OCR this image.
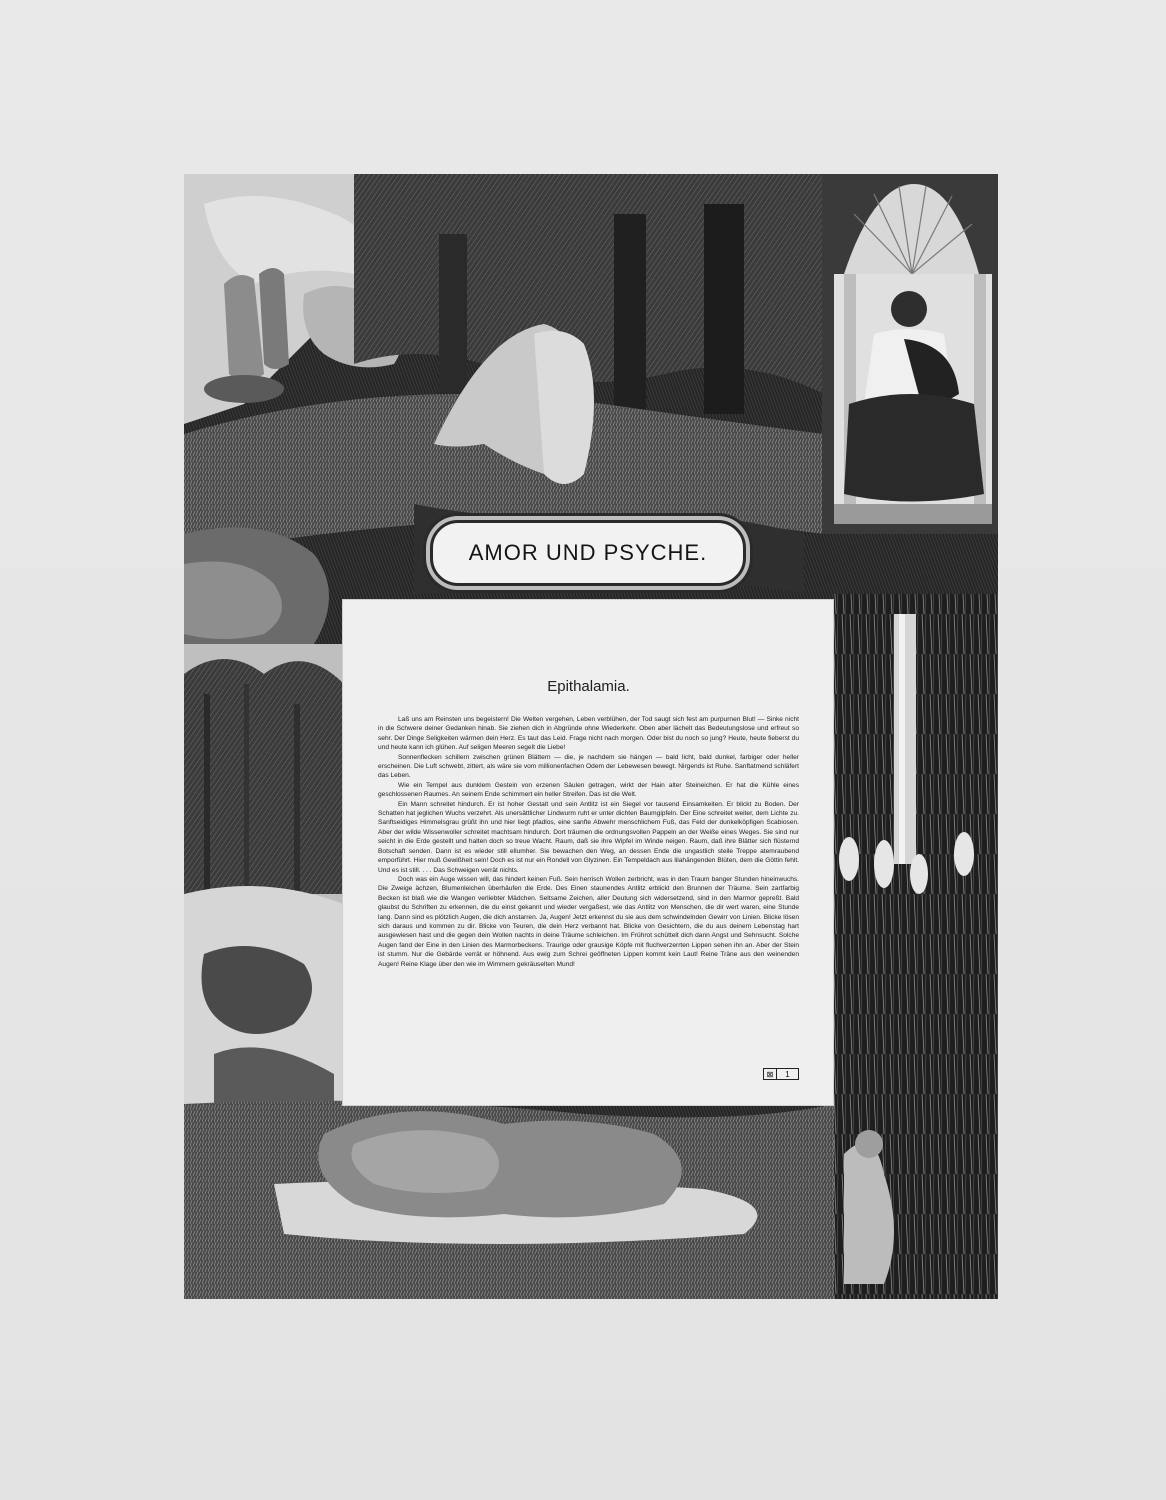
AMOR UND PSYCHE.
Epithalamia.

Laß uns am Reinsten uns begeistern! Die Welten vergehen, Leben verblühen, der Tod saugt sich fest am purpurnen Blut! — Sinke nicht in die Schwere deiner Gedanken hinab. Sie ziehen dich in Abgründe ohne Wiederkehr. Oben aber lächelt das Bedeutungslose und erfreut so sehr. Der Dinge Seligkeiten wärmen dein Herz. Es taut das Leid. Frage nicht nach morgen. Oder bist du noch so jung? Heute, heute fieberst du und heute kann ich glühen. Auf seligen Meeren segelt die Liebe!

Sonnenflecken schillern zwischen grünen Blättern — die, je nachdem sie hängen — bald licht, bald dunkel, farbiger oder heller erscheinen. Die Luft schwebt, zittert, als wäre sie vom millionenfachen Odem der Lebewesen bewegt. Nirgends ist Ruhe. Sanftatmend schläfert das Leben.

Wie ein Tempel aus dunklem Gestein von erzenen Säulen getragen, wirkt der Hain alter Steineichen. Er hat die Kühle eines geschlossenen Raumes. An seinem Ende schimmert ein heller Streifen. Das ist die Welt.

Ein Mann schreitet hindurch. Er ist hoher Gestalt und sein Antlitz ist ein Siegel vor tausend Einsamkeiten. Er blickt zu Boden. Der Schatten hat jeglichen Wuchs verzehrt. Als unersättlicher Lindwurm ruht er unter dichten Baumgipfeln. Der Eine schreitet weiter, dem Lichte zu. Sanftseidiges Himmelsgrau grüßt ihn und hier liegt pfadlos, eine sanfte Abwehr menschlichem Fuß, das Feld der dunkelköpfigen Scabiosen. Aber der wilde Wissenwoller schreitet machtsam hindurch. Dort träumen die ordnungsvollen Pappeln an der Weiße eines Weges. Sie sind nur seicht in die Erde gestellt und halten doch so treue Wacht. Raum, daß sie ihre Wipfel im Winde neigen. Raum, daß ihre Blätter sich flüsternd Botschaft senden. Dann ist es wieder still ellumher. Sie bewachen den Weg, an dessen Ende die ungastlich steile Treppe atemraubend emporführt. Hier muß Gewißheit sein! Doch es ist nur ein Rondell von Glyzinen. Ein Tempeldach aus lilahängenden Blüten, dem die Göttin fehlt. Und es ist still. . . . Das Schweigen verrät nichts.

Doch was ein Auge wissen will, das hindert keinen Fuß. Sein herrisch Wollen zerbricht, was in den Traum banger Stunden hineinwuchs. Die Zweige ächzen, Blumenleichen überhäufen die Erde. Des Einen staunendes Antlitz erblickt den Brunnen der Träume. Sein zartfarbig Becken ist blaß wie die Wangen verliebter Mädchen. Seltsame Zeichen, aller Deutung sich widersetzend, sind in den Marmor gepreßt. Bald glaubst du Schriften zu erkennen, die du einst gekannt und wieder vergaßest, wie das Antlitz von Menschen, die dir wert waren, eine Stunde lang. Dann sind es plötzlich Augen, die dich anstarren. Ja, Augen! Jetzt erkennst du sie aus dem schwindelnden Gewirr von Linien. Blicke lösen sich daraus und kommen zu dir. Blicke von Teuren, die dein Herz verbannt hat. Blicke von Gesichtern, die du aus deinem Lebenstag hart ausgewiesen hast und die gegen dein Wollen nachts in deine Träume schleichen. Im Frührot schüttelt dich dann Angst und Sehnsucht. Solche Augen fand der Eine in den Linien des Marmorbeckens. Traurige oder grausige Köpfe mit fluchverzerrten Lippen sehen ihn an. Aber der Stein ist stumm. Nur die Gebärde verrät er höhnend. Aus ewig zum Schrei geöffneten Lippen kommt kein Laut! Reine Träne aus den weinenden Augen! Reine Klage über den wie im Wimmern gekräuselten Mund!

⊠	1
